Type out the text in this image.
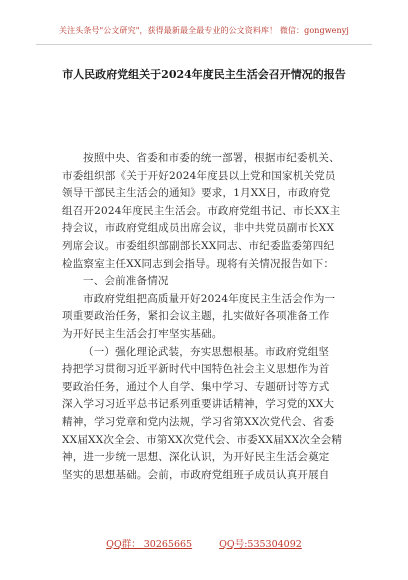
关注头条号"公文研究"，获得最新最全最专业的公文资料库！ 微信：gongwenyj
市人民政府党组关于2024年度民主生活会召开情况的报告
按照中央、省委和市委的统一部署，根据市纪委机关、
市委组织部《关于开好2024年度县以上党和国家机关党员
领导干部民主生活会的通知》要求，1月XX日，市政府党
组召开2024年度民主生活会。市政府党组书记、市长XX主
持会议，市政府党组成员出席会议，非中共党员副市长XX
列席会议。市委组织部副部长XX同志、市纪委监委第四纪
检监察室主任XX同志到会指导。现将有关情况报告如下：
一、会前准备情况
市政府党组把高质量开好2024年度民主生活会作为一
项重要政治任务，紧扣会议主题，扎实做好各项准备工作
为开好民主生活会打牢坚实基础。
（一）强化理论武装，夯实思想根基。市政府党组坚
持把学习贯彻习近平新时代中国特色社会主义思想作为首
要政治任务，通过个人自学、集中学习、专题研讨等方式
深入学习习近平总书记系列重要讲话精神，学习党的XX大
精神，学习党章和党内法规，学习省第XX次党代会、省委
XX届XX次全会、市第XX次党代会、市委XX届XX次全会精
神，进一步统一思想、深化认识，为开好民主生活会奠定
坚实的思想基础。会前，市政府党组班子成员认真开展自
QQ群： 30265665	QQ号:535304092
